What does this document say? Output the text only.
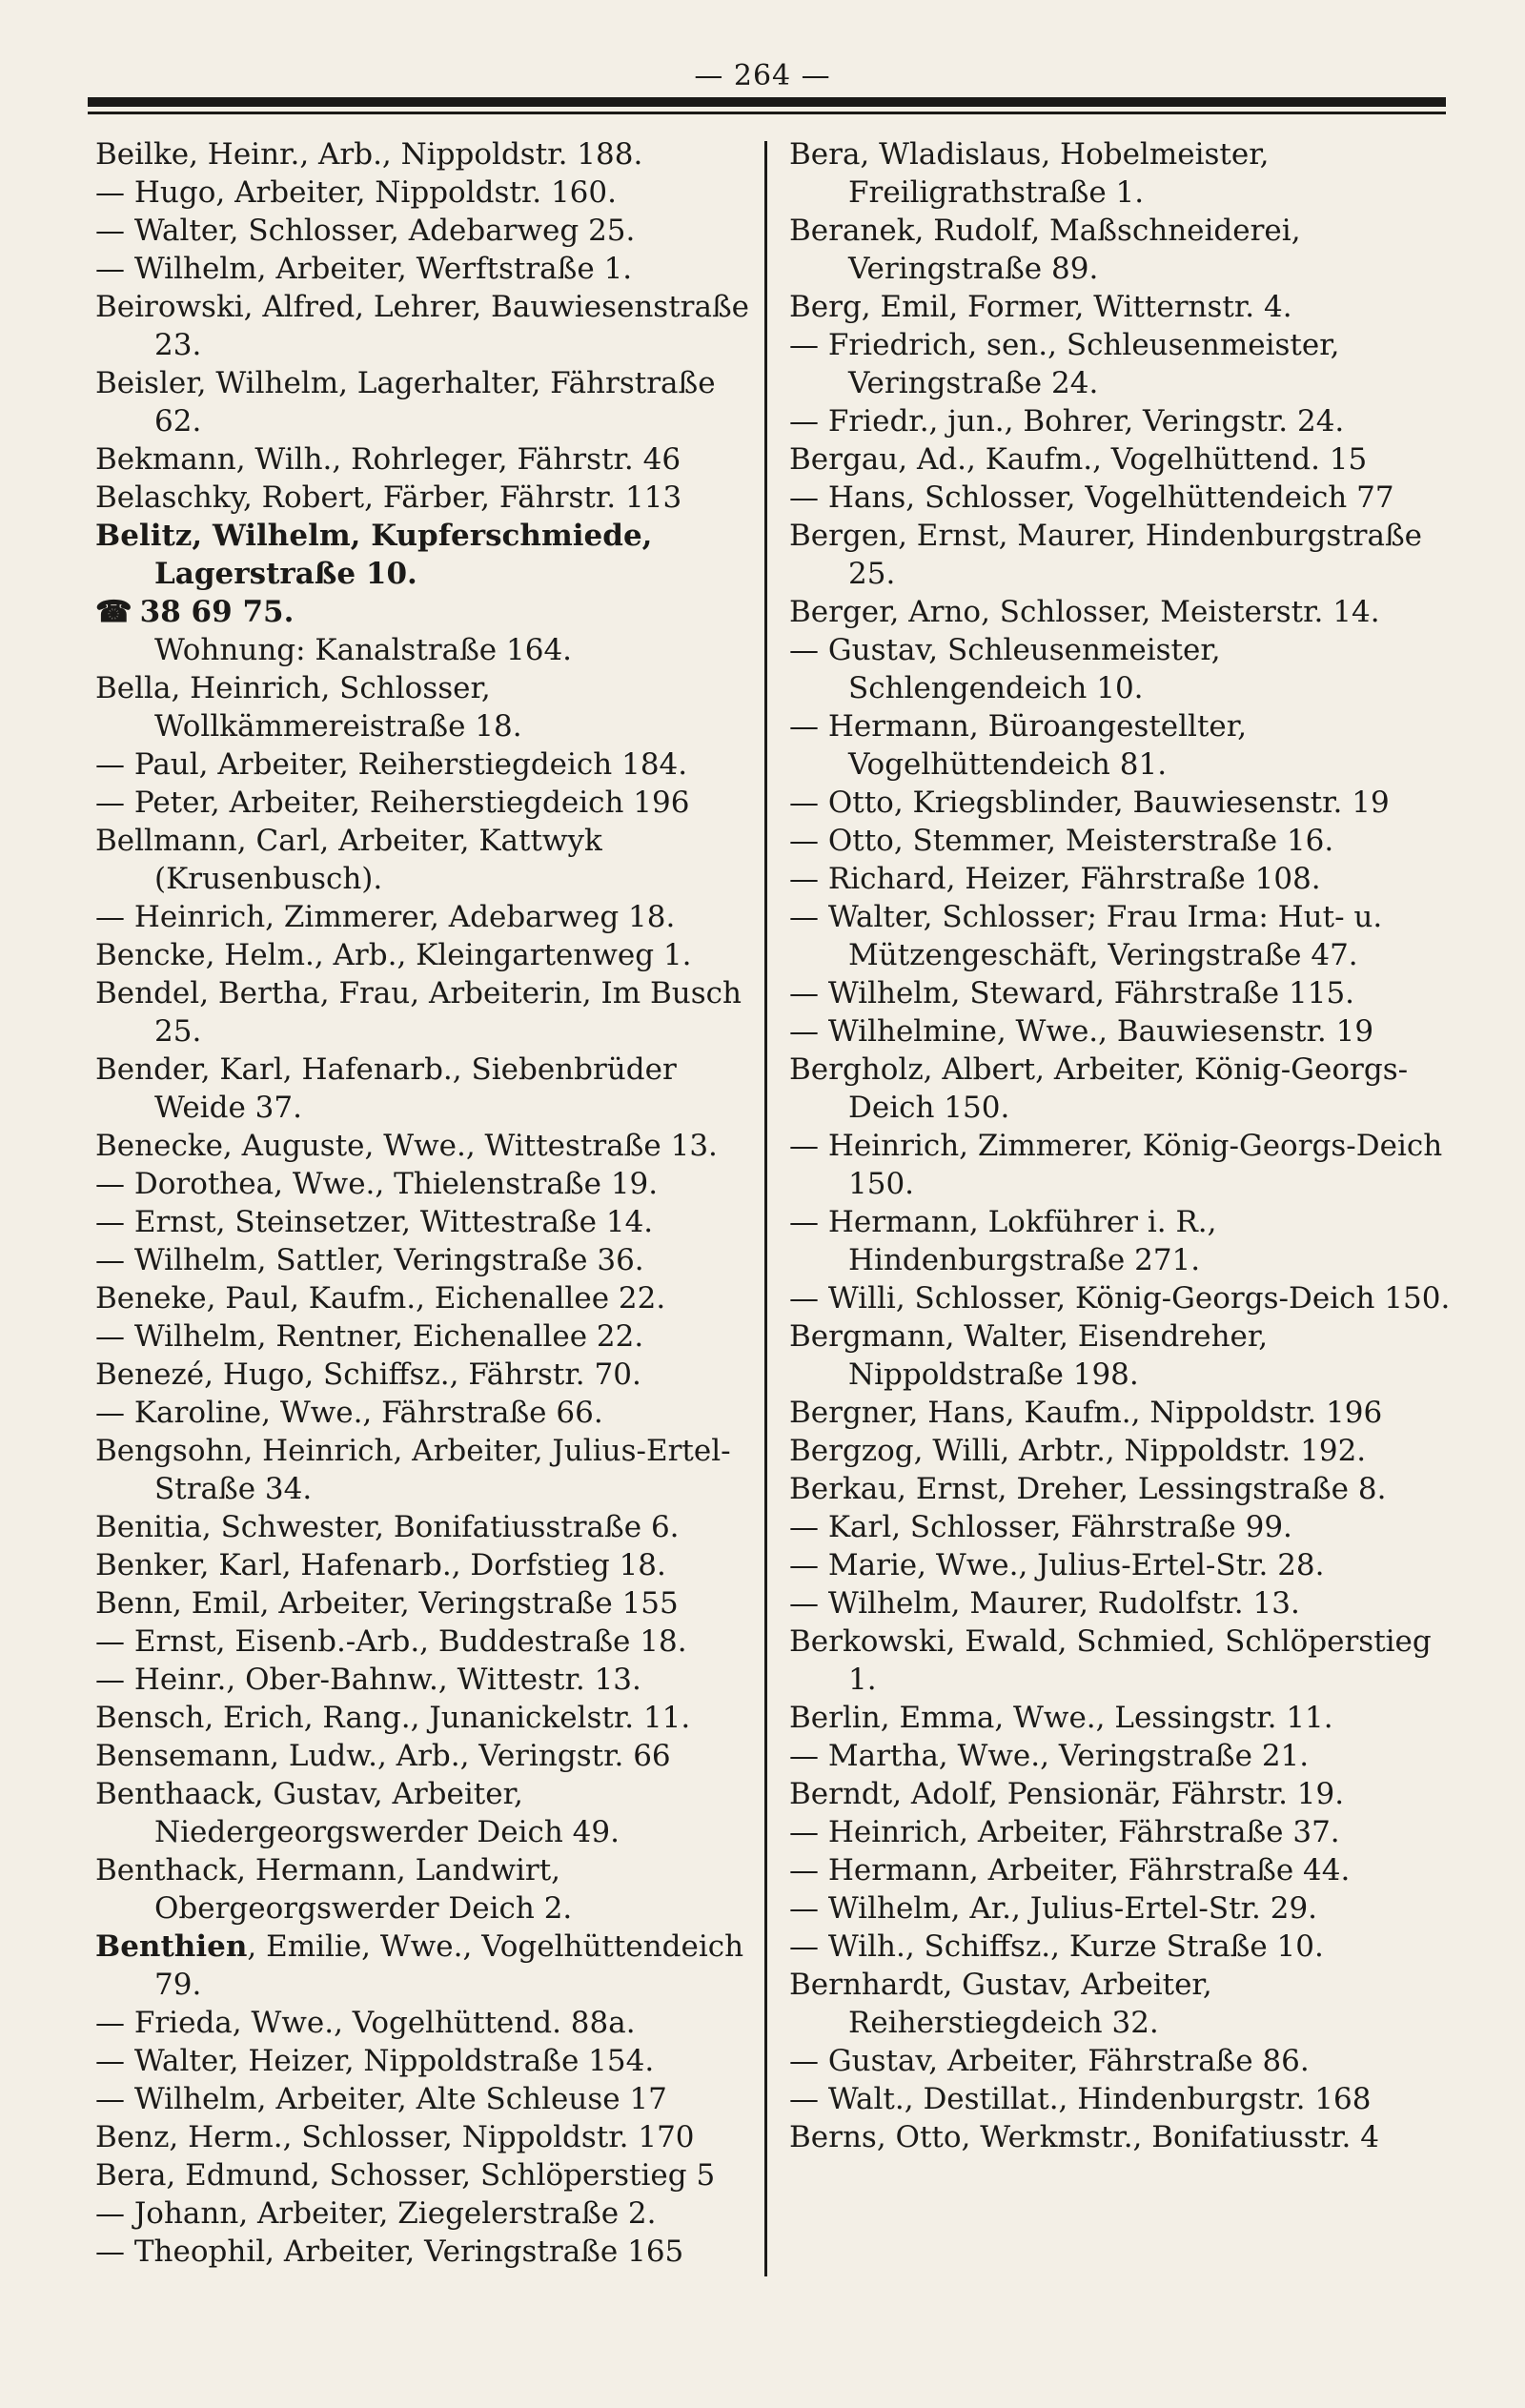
— 264 —

Beilke, Heinr., Arb., Nippoldstr. 188.

— Hugo, Arbeiter, Nippoldstr. 160.

— Walter, Schlosser, Adebarweg 25.

— Wilhelm, Arbeiter, Werftstraße 1.

Beirowski, Alfred, Lehrer, Bauwiesenstraße 23.

Beisler, Wilhelm, Lagerhalter, Fährstraße 62.

Bekmann, Wilh., Rohrleger, Fährstr. 46

Belaschky, Robert, Färber, Fährstr. 113

Belitz, Wilhelm, Kupferschmiede, Lagerstraße 10.

☎ 38 69 75.

Wohnung: Kanalstraße 164.

Bella, Heinrich, Schlosser, Wollkämmereistraße 18.

— Paul, Arbeiter, Reiherstiegdeich 184.

— Peter, Arbeiter, Reiherstiegdeich 196

Bellmann, Carl, Arbeiter, Kattwyk (Krusenbusch).

— Heinrich, Zimmerer, Adebarweg 18.

Bencke, Helm., Arb., Kleingartenweg 1.

Bendel, Bertha, Frau, Arbeiterin, Im Busch 25.

Bender, Karl, Hafenarb., Siebenbrüder Weide 37.

Benecke, Auguste, Wwe., Wittestraße 13.

— Dorothea, Wwe., Thielenstraße 19.

— Ernst, Steinsetzer, Wittestraße 14.

— Wilhelm, Sattler, Veringstraße 36.

Beneke, Paul, Kaufm., Eichenallee 22.

— Wilhelm, Rentner, Eichenallee 22.

Benezé, Hugo, Schiffsz., Fährstr. 70.

— Karoline, Wwe., Fährstraße 66.

Bengsohn, Heinrich, Arbeiter, Julius-Ertel-Straße 34.

Benitia, Schwester, Bonifatiusstraße 6.

Benker, Karl, Hafenarb., Dorfstieg 18.

Benn, Emil, Arbeiter, Veringstraße 155

— Ernst, Eisenb.-Arb., Buddestraße 18.

— Heinr., Ober-Bahnw., Wittestr. 13.

Bensch, Erich, Rang., Junanickelstr. 11.

Bensemann, Ludw., Arb., Veringstr. 66

Benthaack, Gustav, Arbeiter, Niedergeorgswerder Deich 49.

Benthack, Hermann, Landwirt, Obergeorgswerder Deich 2.

Benthien, Emilie, Wwe., Vogelhüttendeich 79.

— Frieda, Wwe., Vogelhüttend. 88a.

— Walter, Heizer, Nippoldstraße 154.

— Wilhelm, Arbeiter, Alte Schleuse 17

Benz, Herm., Schlosser, Nippoldstr. 170

Bera, Edmund, Schosser, Schlöperstieg 5

— Johann, Arbeiter, Ziegelerstraße 2.

— Theophil, Arbeiter, Veringstraße 165

Bera, Wladislaus, Hobelmeister, Freiligrathstraße 1.

Beranek, Rudolf, Maßschneiderei, Veringstraße 89.

Berg, Emil, Former, Witternstr. 4.

— Friedrich, sen., Schleusenmeister, Veringstraße 24.

— Friedr., jun., Bohrer, Veringstr. 24.

Bergau, Ad., Kaufm., Vogelhüttend. 15

— Hans, Schlosser, Vogelhüttendeich 77

Bergen, Ernst, Maurer, Hindenburgstraße 25.

Berger, Arno, Schlosser, Meisterstr. 14.

— Gustav, Schleusenmeister, Schlengendeich 10.

— Hermann, Büroangestellter, Vogelhüttendeich 81.

— Otto, Kriegsblinder, Bauwiesenstr. 19

— Otto, Stemmer, Meisterstraße 16.

— Richard, Heizer, Fährstraße 108.

— Walter, Schlosser; Frau Irma: Hut- u. Mützengeschäft, Veringstraße 47.

— Wilhelm, Steward, Fährstraße 115.

— Wilhelmine, Wwe., Bauwiesenstr. 19

Bergholz, Albert, Arbeiter, König-Georgs-Deich 150.

— Heinrich, Zimmerer, König-Georgs-Deich 150.

— Hermann, Lokführer i. R., Hindenburgstraße 271.

— Willi, Schlosser, König-Georgs-Deich 150.

Bergmann, Walter, Eisendreher, Nippoldstraße 198.

Bergner, Hans, Kaufm., Nippoldstr. 196

Bergzog, Willi, Arbtr., Nippoldstr. 192.

Berkau, Ernst, Dreher, Lessingstraße 8.

— Karl, Schlosser, Fährstraße 99.

— Marie, Wwe., Julius-Ertel-Str. 28.

— Wilhelm, Maurer, Rudolfstr. 13.

Berkowski, Ewald, Schmied, Schlöperstieg 1.

Berlin, Emma, Wwe., Lessingstr. 11.

— Martha, Wwe., Veringstraße 21.

Berndt, Adolf, Pensionär, Fährstr. 19.

— Heinrich, Arbeiter, Fährstraße 37.

— Hermann, Arbeiter, Fährstraße 44.

— Wilhelm, Ar., Julius-Ertel-Str. 29.

— Wilh., Schiffsz., Kurze Straße 10.

Bernhardt, Gustav, Arbeiter, Reiherstiegdeich 32.

— Gustav, Arbeiter, Fährstraße 86.

— Walt., Destillat., Hindenburgstr. 168

Berns, Otto, Werkmstr., Bonifatiusstr. 4
